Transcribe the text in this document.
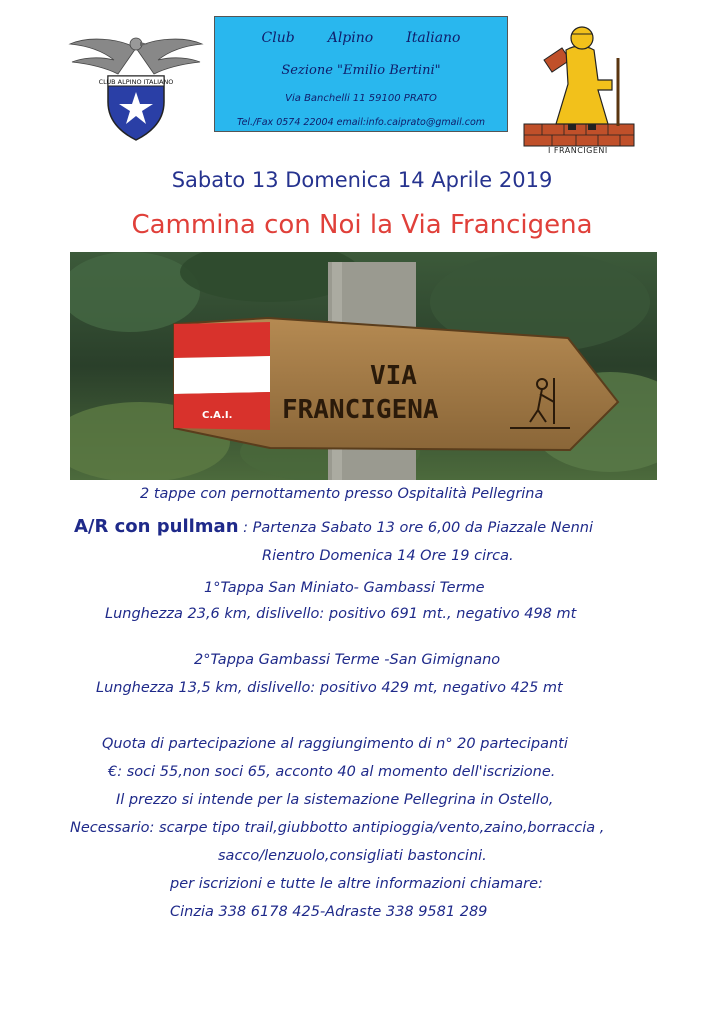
CLUB ALPINO ITALIANO
Club Alpino Italiano
Sezione "Emilio Bertini"
Via Banchelli 11 59100 PRATO
Tel./Fax 0574 22004 email:info.caiprato@gmail.com
I FRANCIGENI
Sabato 13 Domenica 14 Aprile 2019
Cammina con Noi la Via Francigena
C.A.I.
VIA
FRANCIGENA
2 tappe con pernottamento presso Ospitalità Pellegrina
A/R con pullman : Partenza Sabato 13 ore 6,00 da Piazzale Nenni
Rientro Domenica 14 Ore 19 circa.
1°Tappa San Miniato- Gambassi Terme
Lunghezza 23,6 km, dislivello: positivo 691 mt., negativo 498 mt
2°Tappa Gambassi Terme -San Gimignano
Lunghezza 13,5 km, dislivello: positivo 429 mt, negativo 425 mt
Quota di partecipazione al raggiungimento di n° 20 partecipanti
€: soci 55,non soci 65, acconto 40 al momento dell'iscrizione.
Il prezzo si intende per la sistemazione Pellegrina in Ostello,
Necessario: scarpe tipo trail,giubbotto antipioggia/vento,zaino,borraccia ,
sacco/lenzuolo,consigliati bastoncini.
per iscrizioni e tutte le altre informazioni chiamare:
Cinzia 338 6178 425-Adraste 338 9581 289
